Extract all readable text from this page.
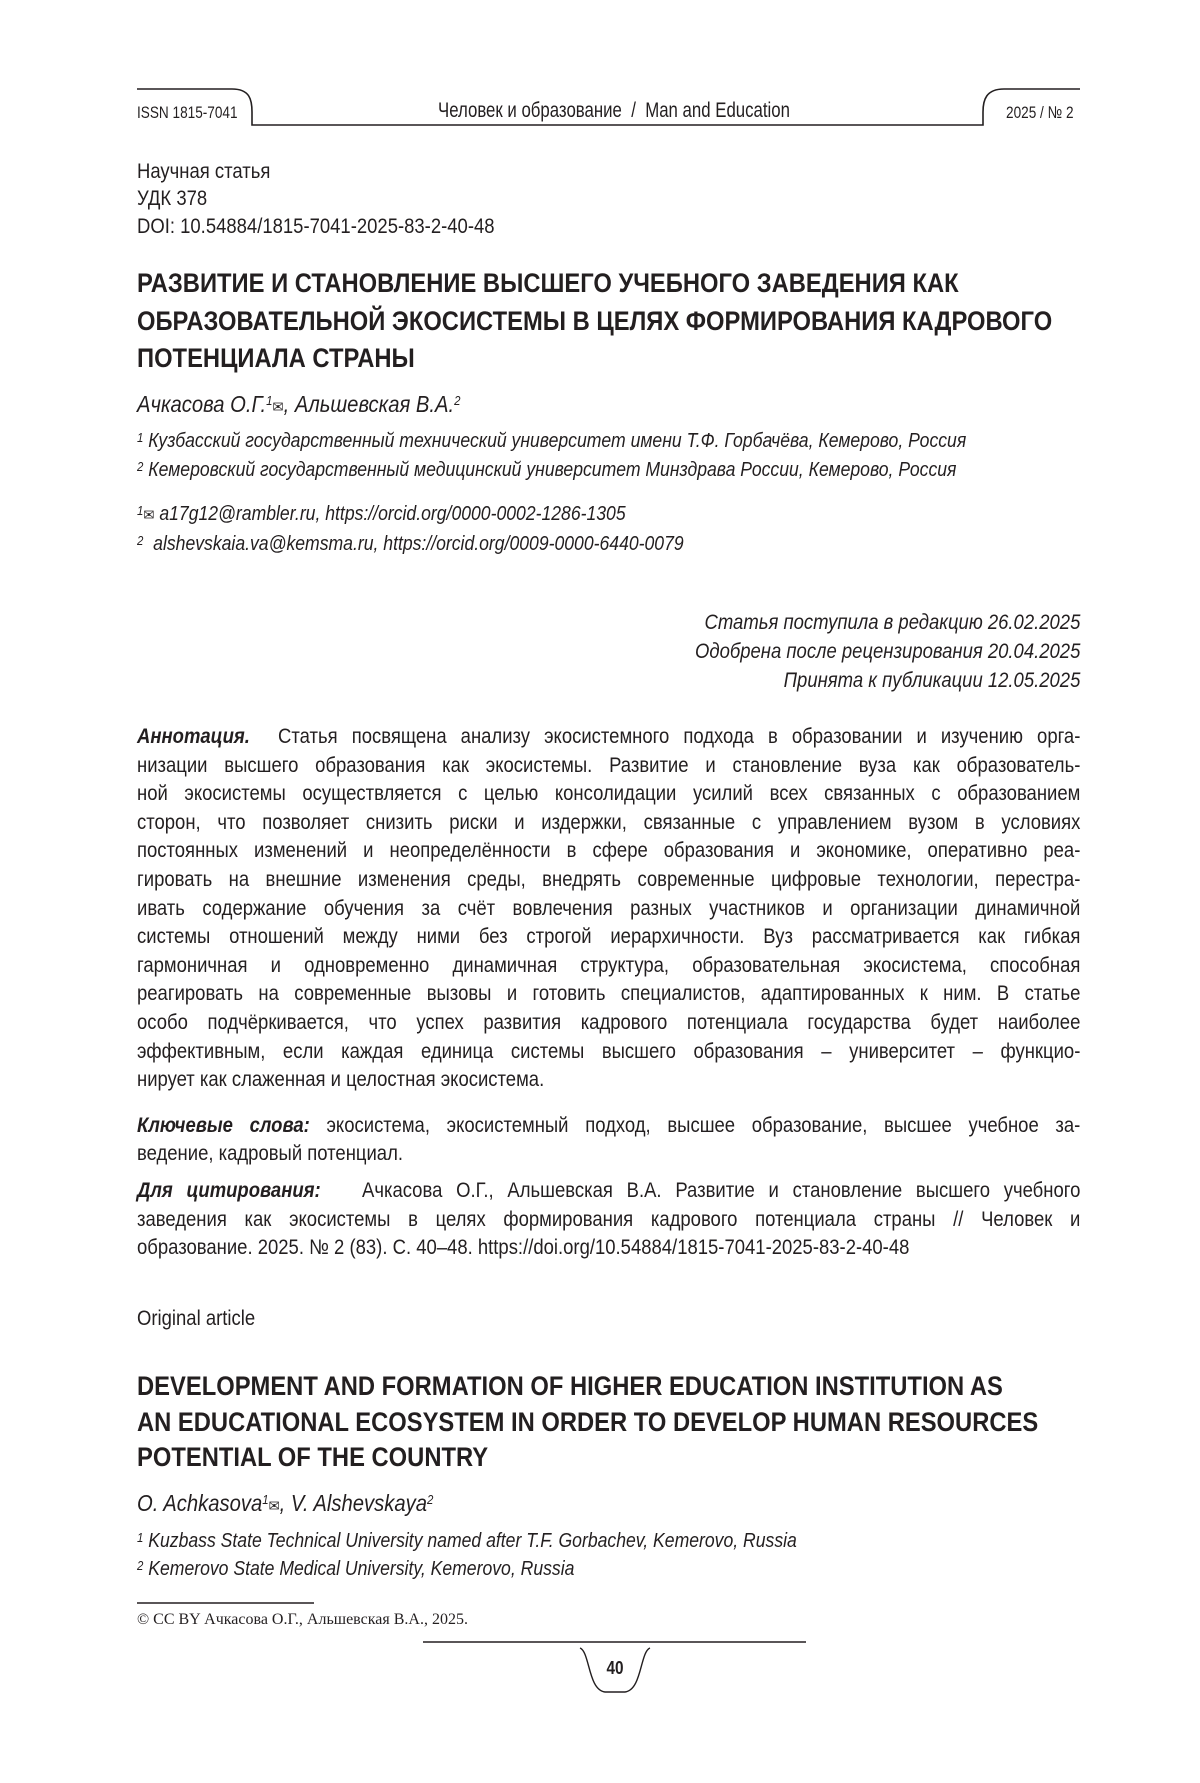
ISSN 1815-7041	Человек и образование  /  Man and Education	2025 / № 2
Научная статья
УДК 378
DOI: 10.54884/1815-7041-2025-83-2-40-48
РАЗВИТИЕ И СТАНОВЛЕНИЕ ВЫСШЕГО УЧЕБНОГО ЗАВЕДЕНИЯ КАК
ОБРАЗОВАТЕЛЬНОЙ ЭКОСИСТЕМЫ В ЦЕЛЯХ ФОРМИРОВАНИЯ КАДРОВОГО
ПОТЕНЦИАЛА СТРАНЫ
Ачкасова О.Г.$^1$✉, Альшевская В.А.$^2$
$^1$ Кузбасский государственный технический университет имени Т.Ф. Горбачёва, Кемерово, Россия
$^2$ Кемеровский государственный медицинский университет Минздрава России, Кемерово, Россия
$^1$✉ a17g12@rambler.ru, https://orcid.org/0000-0002-1286-1305
$^2$ alshevskaia.va@kemsma.ru, https://orcid.org/0009-0000-6440-0079
Статья поступила в редакцию 26.02.2025
Одобрена после рецензирования 20.04.2025
Принята к публикации 12.05.2025
Аннотация. Статья посвящена анализу экосистемного подхода в образовании и изучению орга-
низации высшего образования как экосистемы. Развитие и становление вуза как образователь-
ной экосистемы осуществляется с целью консолидации усилий всех связанных с образованием
сторон, что позволяет снизить риски и издержки, связанные с управлением вузом в условиях
постоянных изменений и неопределённости в сфере образования и экономике, оперативно реа-
гировать на внешние изменения среды, внедрять современные цифровые технологии, перестра-
ивать содержание обучения за счёт вовлечения разных участников и организации динамичной
системы отношений между ними без строгой иерархичности. Вуз рассматривается как гибкая
гармоничная и одновременно динамичная структура, образовательная экосистема, способная
реагировать на современные вызовы и готовить специалистов, адаптированных к ним. В статье
особо подчёркивается, что успех развития кадрового потенциала государства будет наиболее
эффективным, если каждая единица системы высшего образования – университет – функцио-
нирует как слаженная и целостная экосистема.
Ключевые слова: экосистема, экосистемный подход, высшее образование, высшее учебное за-
ведение, кадровый потенциал.
Для цитирования: Ачкасова О.Г., Альшевская В.А. Развитие и становление высшего учебного
заведения как экосистемы в целях формирования кадрового потенциала страны // Человек и
образование. 2025. № 2 (83). С. 40–48. https://doi.org/10.54884/1815-7041-2025-83-2-40-48
Original article
DEVELOPMENT AND FORMATION OF HIGHER EDUCATION INSTITUTION AS
AN EDUCATIONAL ECOSYSTEM IN ORDER TO DEVELOP HUMAN RESOURCES
POTENTIAL OF THE COUNTRY
O. Achkasova$^1$✉, V. Alshevskaya$^2$
$^1$ Kuzbass State Technical University named after T.F. Gorbachev, Kemerovo, Russia
$^2$ Kemerovo State Medical University, Kemerovo, Russia
© CC BY Ачкасова О.Г., Альшевская В.А., 2025.
40
